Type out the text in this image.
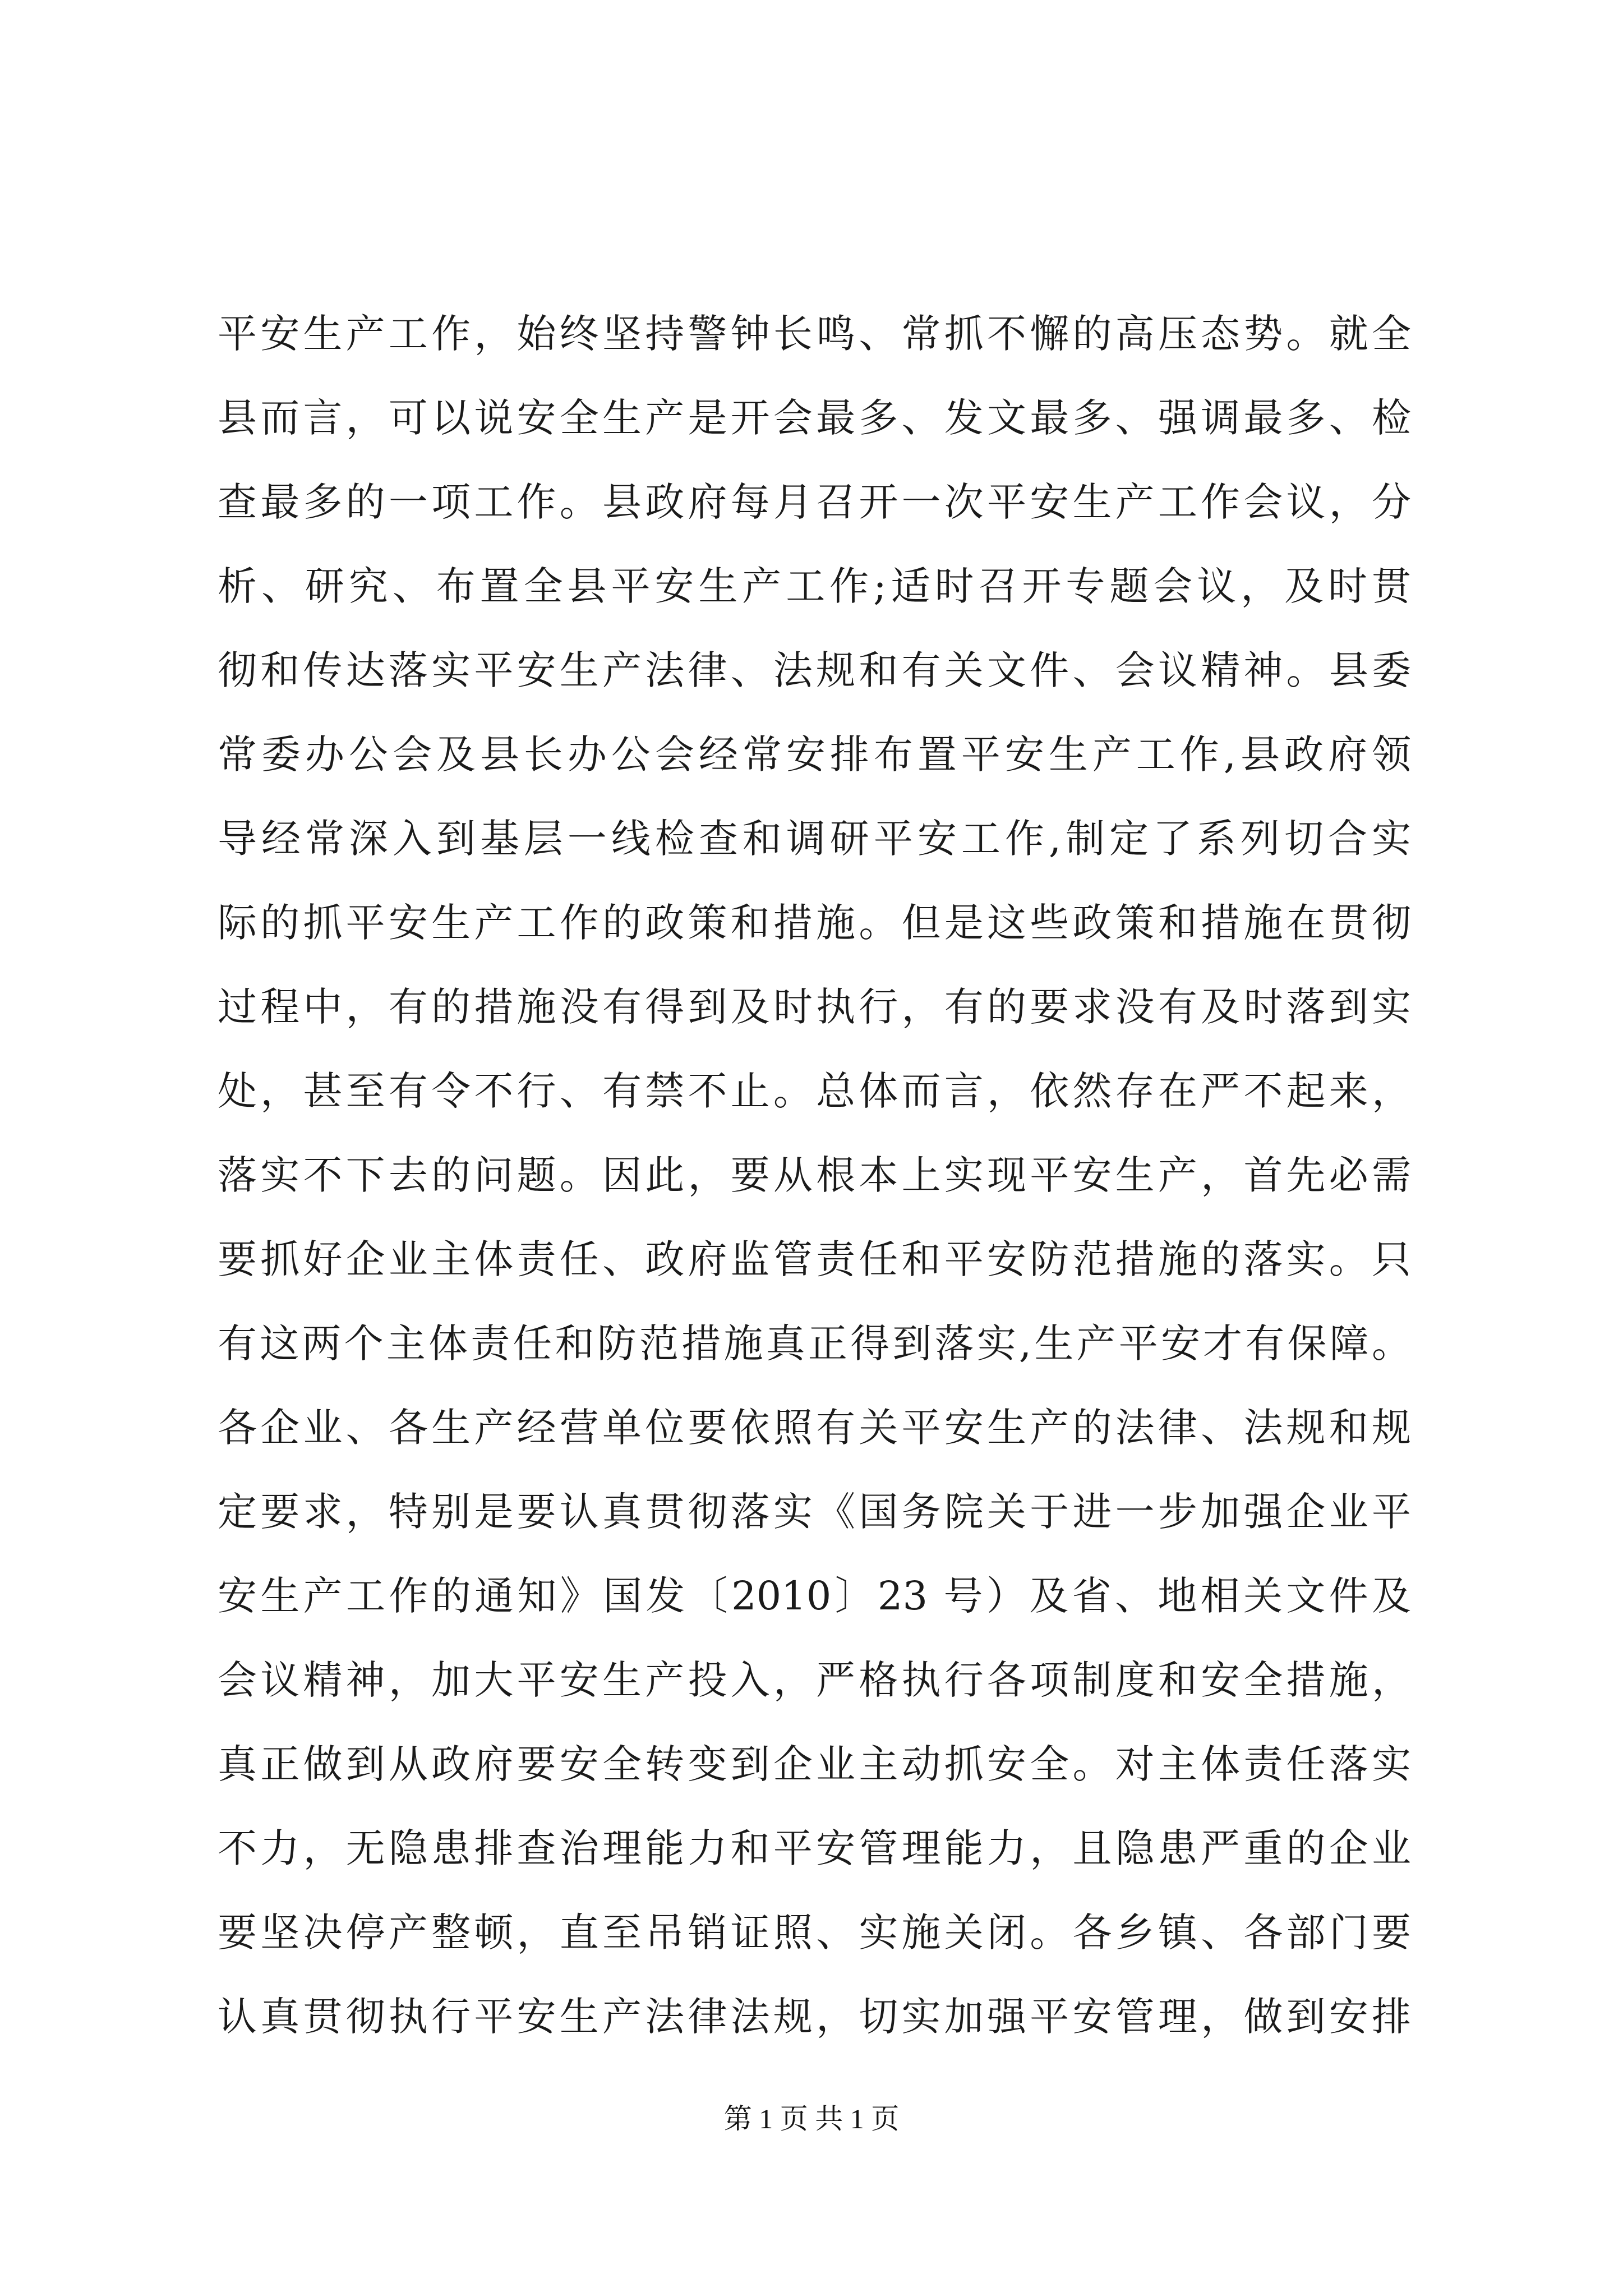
平安生产工作，始终坚持警钟长鸣、常抓不懈的高压态势。就全
县而言，可以说安全生产是开会最多、发文最多、强调最多、检
查最多的一项工作。县政府每月召开一次平安生产工作会议，分
析、研究、布置全县平安生产工作;适时召开专题会议，及时贯
彻和传达落实平安生产法律、法规和有关文件、会议精神。县委
常委办公会及县长办公会经常安排布置平安生产工作,县政府领
导经常深入到基层一线检查和调研平安工作,制定了系列切合实
际的抓平安生产工作的政策和措施。但是这些政策和措施在贯彻
过程中，有的措施没有得到及时执行，有的要求没有及时落到实
处，甚至有令不行、有禁不止。总体而言，依然存在严不起来，
落实不下去的问题。因此，要从根本上实现平安生产，首先必需
要抓好企业主体责任、政府监管责任和平安防范措施的落实。只
有这两个主体责任和防范措施真正得到落实,生产平安才有保障。
各企业、各生产经营单位要依照有关平安生产的法律、法规和规
定要求，特别是要认真贯彻落实《国务院关于进一步加强企业平
安生产工作的通知》国发〔2010〕23 号）及省、地相关文件及
会议精神，加大平安生产投入，严格执行各项制度和安全措施，
真正做到从政府要安全转变到企业主动抓安全。对主体责任落实
不力，无隐患排查治理能力和平安管理能力，且隐患严重的企业
要坚决停产整顿，直至吊销证照、实施关闭。各乡镇、各部门要
认真贯彻执行平安生产法律法规，切实加强平安管理，做到安排
第 1 页 共 1 页
